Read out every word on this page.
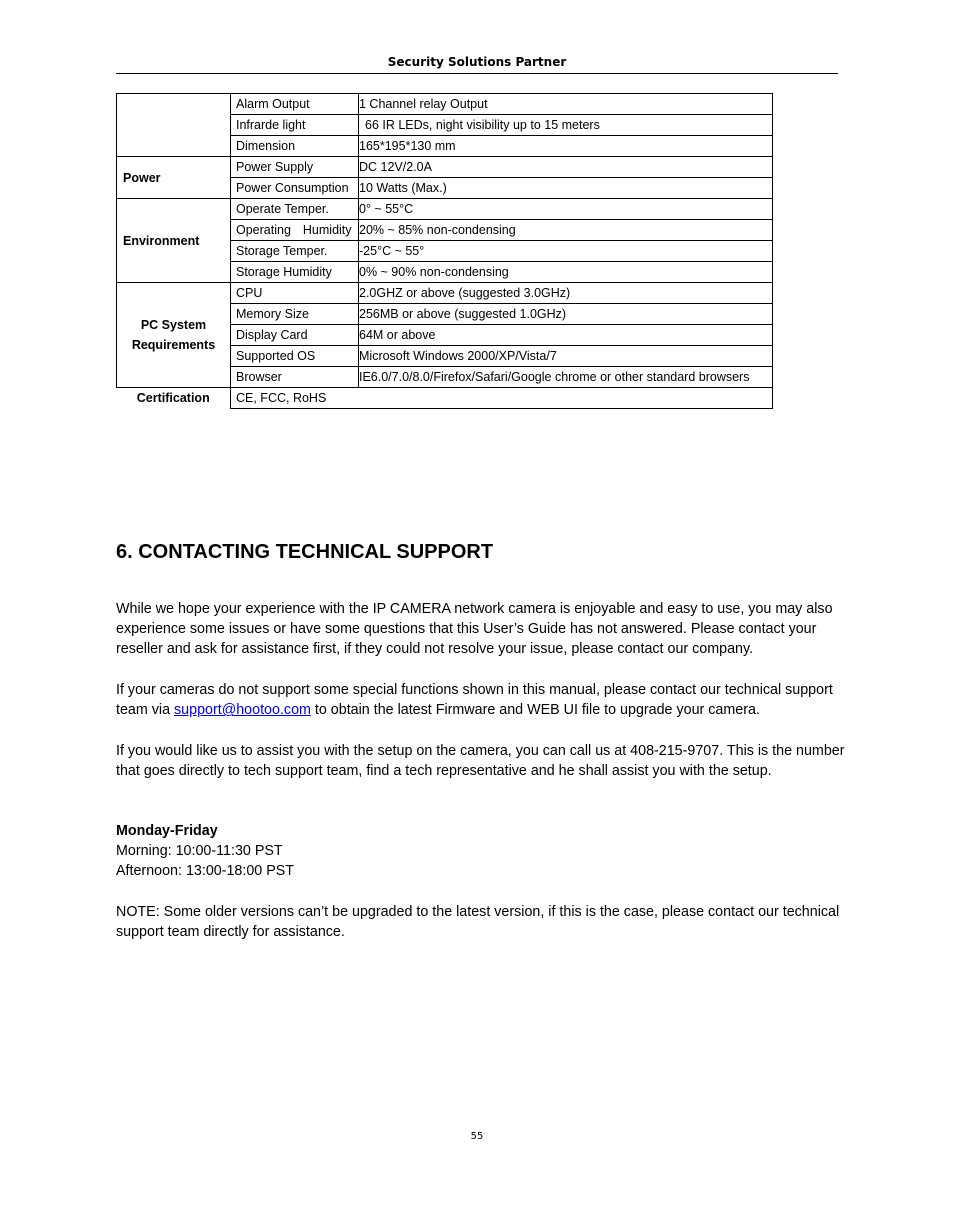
Security Solutions Partner
	Alarm Output	1 Channel relay Output
	Infrarde light	66 IR LEDs, night visibility up to 15 meters
	Dimension	165*195*130 mm
Power	Power Supply	DC 12V/2.0A
	Power Consumption	10 Watts (Max.)
Environment	Operate Temper.	0° ~ 55°C
	Operating Humidity	20% ~ 85% non-condensing
	Storage Temper.	-25°C ~ 55°
	Storage Humidity	0% ~ 90% non-condensing

PC System
Requirements	CPU	2.0GHZ or above (suggested 3.0GHz)
	Memory Size	256MB or above (suggested 1.0GHz)
	Display Card	64M or above
	Supported OS	Microsoft Windows 2000/XP/Vista/7
	Browser	IE6.0/7.0/8.0/Firefox/Safari/Google chrome or other standard browsers
Certification	CE, FCC, RoHS	
6. CONTACTING TECHNICAL SUPPORT

While we hope your experience with the IP CAMERA network camera is enjoyable and easy to use, you may also experience some issues or have some questions that this User’s Guide has not answered. Please contact your reseller and ask for assistance first, if they could not resolve your issue, please contact our company.

If your cameras do not support some special functions shown in this manual, please contact our technical support team via support@hootoo.com to obtain the latest Firmware and WEB UI file to upgrade your camera.

If you would like us to assist you with the setup on the camera, you can call us at 408-215-9707. This is the number that goes directly to tech support team, find a tech representative and he shall assist you with the setup.

Monday-Friday
Morning: 10:00-11:30 PST
Afternoon: 13:00-18:00 PST

NOTE: Some older versions can’t be upgraded to the latest version, if this is the case, please contact our technical support team directly for assistance.

55
